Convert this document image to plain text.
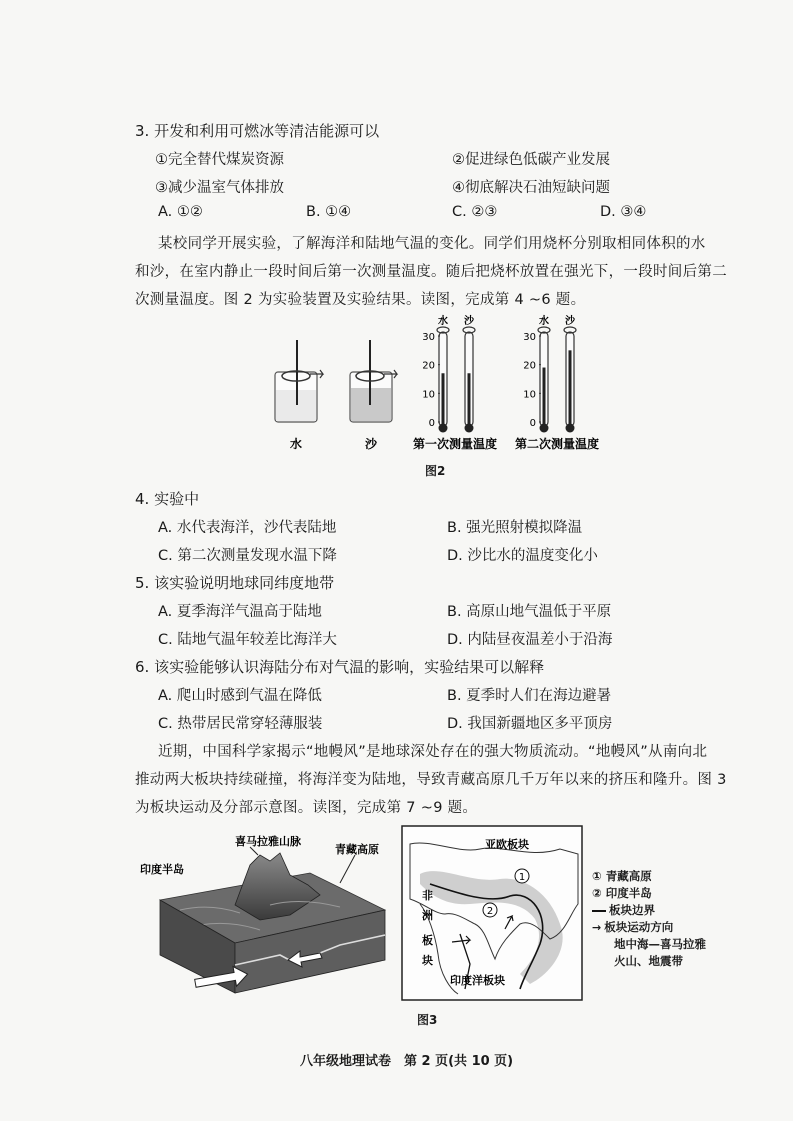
3. 开发和利用可燃冰等清洁能源可以
①完全替代煤炭资源	②促进绿色低碳产业发展
③减少温室气体排放	④彻底解决石油短缺问题
A. ①②	B. ①④	C. ②③	D. ③④
某校同学开展实验，了解海洋和陆地气温的变化。同学们用烧杯分别取相同体积的水
和沙，在室内静止一段时间后第一次测量温度。随后把烧杯放置在强光下，一段时间后第二
次测量温度。图 2 为实验装置及实验结果。读图，完成第 4 ~6 题。
水	沙
30
20
10
0
水 沙
30
20
10
0
水 沙
第一次测量温度 第二次测量温度
图2
4. 实验中
A. 水代表海洋，沙代表陆地	B. 强光照射模拟降温
C. 第二次测量发现水温下降	D. 沙比水的温度变化小
5. 该实验说明地球同纬度地带
A. 夏季海洋气温高于陆地	B. 高原山地气温低于平原
C. 陆地气温年较差比海洋大	D. 内陆昼夜温差小于沿海
6. 该实验能够认识海陆分布对气温的影响，实验结果可以解释
A. 爬山时感到气温在降低	B. 夏季时人们在海边避暑
C. 热带居民常穿轻薄服装	D. 我国新疆地区多平顶房
近期，中国科学家揭示“地幔风”是地球深处存在的强大物质流动。“地幔风”从南向北
推动两大板块持续碰撞，将海洋变为陆地，导致青藏高原几千万年以来的挤压和隆升。图 3
为板块运动及分部示意图。读图，完成第 7 ~9 题。
喜马拉雅山脉
印度半岛
青藏高原
1
2
亚欧板块
非
洲
板
块
印度洋板块
① 青藏高原
② 印度半岛
板块边界
→ 板块运动方向
地中海—喜马拉雅
火山、地震带
图3
八年级地理试卷　第 2 页(共 10 页)
